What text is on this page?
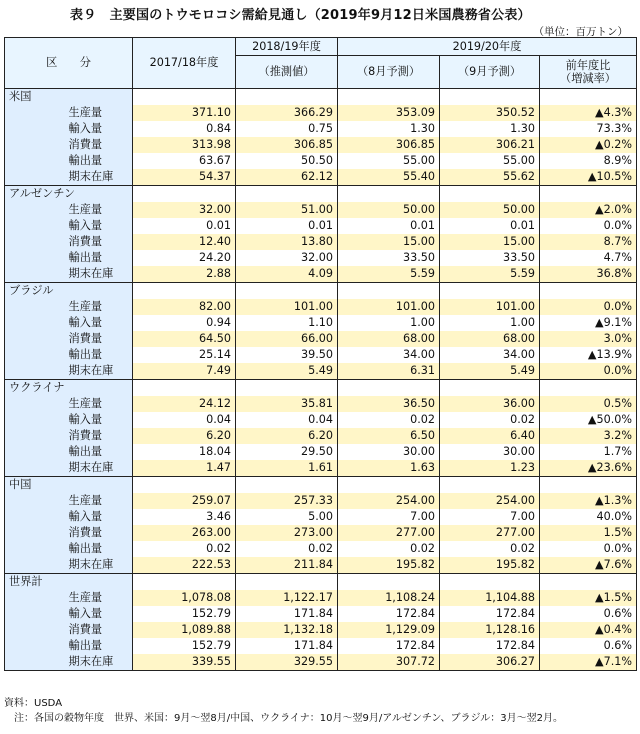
表９　主要国のトウモロコシ需給見通し（2019年9月12日米国農務省公表）
（単位：百万トン）
区　　分		2017/18年度	2018/19年度	2019/20年度		
			（推測値）	（8月予測）	（9月予測）	前年度比
（増減率）

米国						
	生産量	371.10	366.29	353.09	350.52	▲4.3%
	輸入量	0.84	0.75	1.30	1.30	73.3%
	消費量	313.98	306.85	306.85	306.21	▲0.2%
	輸出量	63.67	50.50	55.00	55.00	8.9%
	期末在庫	54.37	62.12	55.40	55.62	▲10.5%
アルゼンチン						
	生産量	32.00	51.00	50.00	50.00	▲2.0%
	輸入量	0.01	0.01	0.01	0.01	0.0%
	消費量	12.40	13.80	15.00	15.00	8.7%
	輸出量	24.20	32.00	33.50	33.50	4.7%
	期末在庫	2.88	4.09	5.59	5.59	36.8%
ブラジル						
	生産量	82.00	101.00	101.00	101.00	0.0%
	輸入量	0.94	1.10	1.00	1.00	▲9.1%
	消費量	64.50	66.00	68.00	68.00	3.0%
	輸出量	25.14	39.50	34.00	34.00	▲13.9%
	期末在庫	7.49	5.49	6.31	5.49	0.0%
ウクライナ						
	生産量	24.12	35.81	36.50	36.00	0.5%
	輸入量	0.04	0.04	0.02	0.02	▲50.0%
	消費量	6.20	6.20	6.50	6.40	3.2%
	輸出量	18.04	29.50	30.00	30.00	1.7%
	期末在庫	1.47	1.61	1.63	1.23	▲23.6%
中国						
	生産量	259.07	257.33	254.00	254.00	▲1.3%
	輸入量	3.46	5.00	7.00	7.00	40.0%
	消費量	263.00	273.00	277.00	277.00	1.5%
	輸出量	0.02	0.02	0.02	0.02	0.0%
	期末在庫	222.53	211.84	195.82	195.82	▲7.6%
世界計						
	生産量	1,078.08	1,122.17	1,108.24	1,104.88	▲1.5%
	輸入量	152.79	171.84	172.84	172.84	0.6%
	消費量	1,089.88	1,132.18	1,129.09	1,128.16	▲0.4%
	輸出量	152.79	171.84	172.84	172.84	0.6%
	期末在庫	339.55	329.55	307.72	306.27	▲7.1%
資料：USDA
　注：各国の穀物年度　世界、米国：9月～翌8月/中国、ウクライナ：10月～翌9月/アルゼンチン、ブラジル：3月～翌2月。
